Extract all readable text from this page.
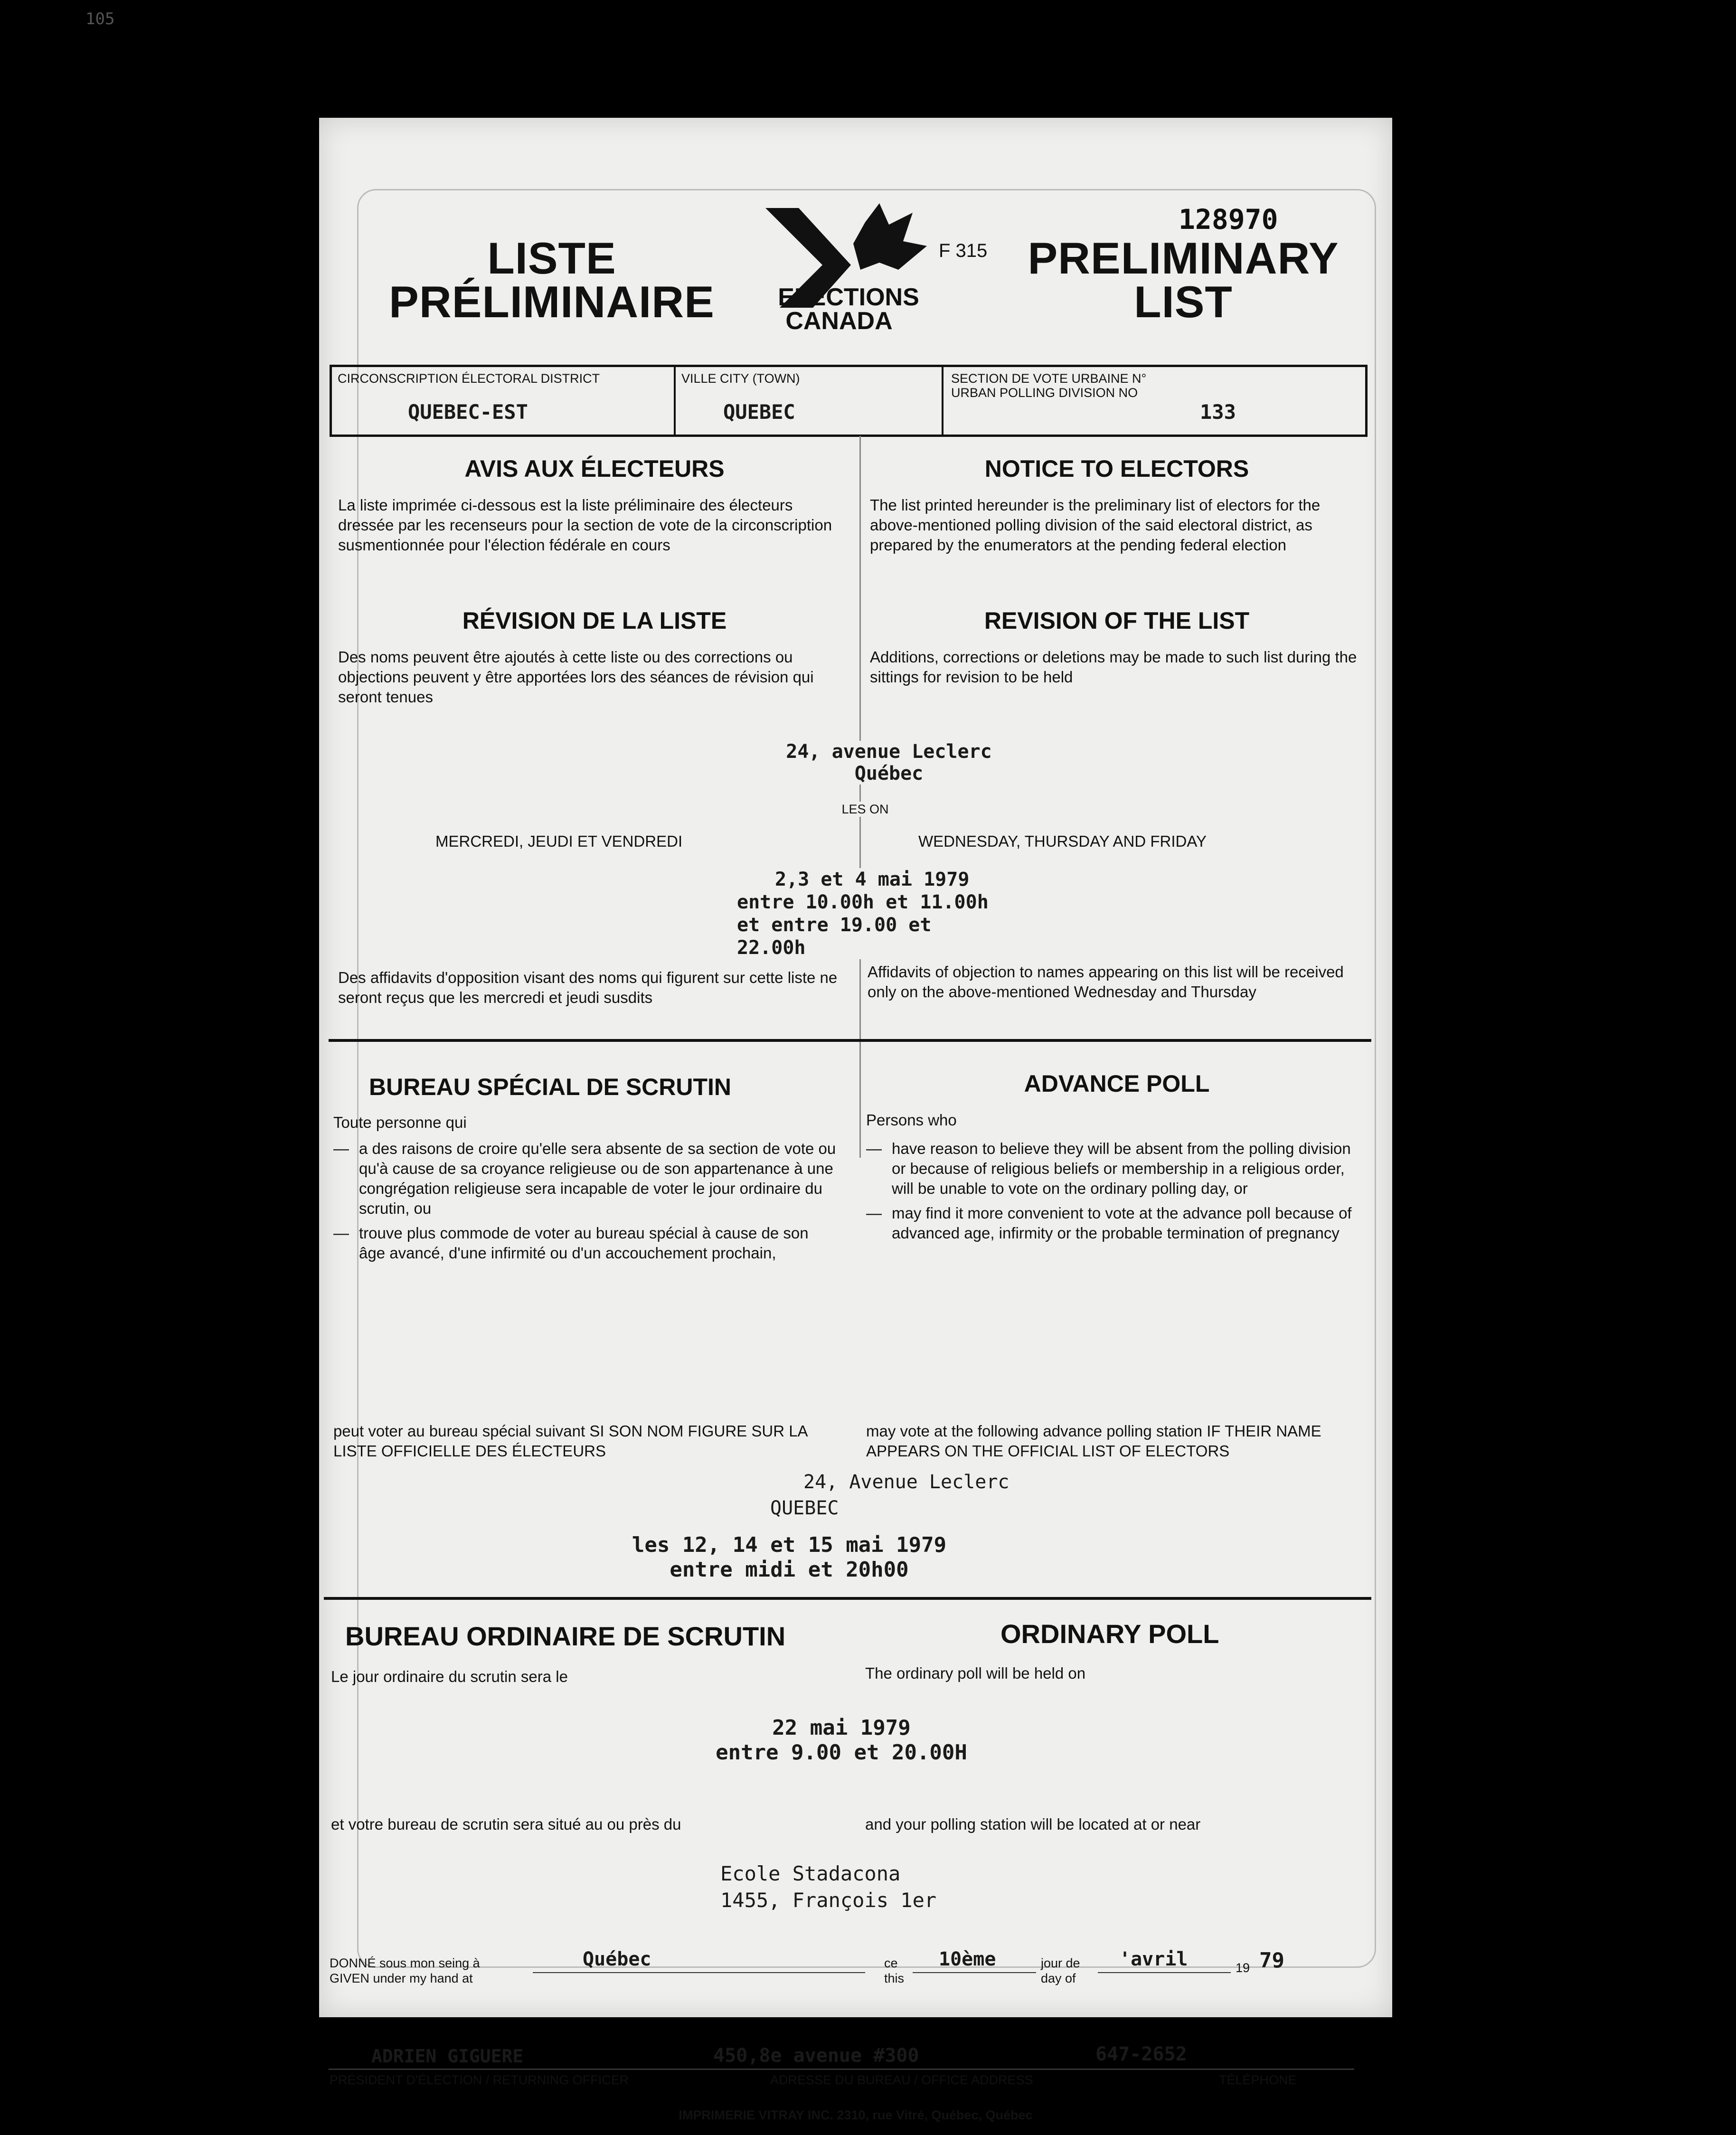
105
LISTE
PRÉLIMINAIRE	ELECTIONS
CANADA
F 315
128970
PRELIMINARY
LIST
CIRCONSCRIPTION ÉLECTORAL DISTRICT
QUEBEC-EST
VILLE CITY (TOWN)
QUEBEC
SECTION DE VOTE URBAINE N°
URBAN POLLING DIVISION NO
133
AVIS AUX ÉLECTEURS
La liste imprimée ci-dessous est la liste préliminaire des électeurs dressée par les recenseurs pour la section de vote de la circonscription susmentionnée pour l'élection fédérale en cours
NOTICE TO ELECTORS
The list printed hereunder is the preliminary list of electors for the above-mentioned polling division of the said electoral district, as prepared by the enumerators at the pending federal election
RÉVISION DE LA LISTE
Des noms peuvent être ajoutés à cette liste ou des corrections ou objections peuvent y être apportées lors des séances de révision qui seront tenues
REVISION OF THE LIST
Additions, corrections or deletions may be made to such list during the sittings for revision to be held
24, avenue Leclerc
Québec
LES ON
MERCREDI, JEUDI ET VENDREDI	WEDNESDAY, THURSDAY AND FRIDAY
2,3 et 4 mai 1979
entre 10.00h et 11.00h
et entre 19.00 et 22.00h
Des affidavits d'opposition visant des noms qui figurent sur cette liste ne seront reçus que les mercredi et jeudi susdits
Affidavits of objection to names appearing on this list will be received only on the above-mentioned Wednesday and Thursday
BUREAU SPÉCIAL DE SCRUTIN	ADVANCE POLL
Toute personne qui	Persons who
— a des raisons de croire qu'elle sera absente de sa section de vote ou qu'à cause de sa croyance religieuse ou de son appartenance à une congrégation religieuse sera incapable de voter le jour ordinaire du scrutin, ou
— trouve plus commode de voter au bureau spécial à cause de son âge avancé, d'une infirmité ou d'un accouchement prochain,
— have reason to believe they will be absent from the polling division or because of religious beliefs or membership in a religious order, will be unable to vote on the ordinary polling day, or
— may find it more convenient to vote at the advance poll because of advanced age, infirmity or the probable termination of pregnancy
peut voter au bureau spécial suivant SI SON NOM FIGURE SUR LA LISTE OFFICIELLE DES ÉLECTEURS
may vote at the following advance polling station IF THEIR NAME APPEARS ON THE OFFICIAL LIST OF ELECTORS
24, Avenue Leclerc
QUEBEC
les 12, 14 et 15 mai 1979
entre midi et 20h00
BUREAU ORDINAIRE DE SCRUTIN	ORDINARY POLL
Le jour ordinaire du scrutin sera le	The ordinary poll will be held on
22 mai 1979
entre 9.00 et 20.00H
et votre bureau de scrutin sera situé au ou près du	and your polling station will be located at or near
Ecole Stadacona
1455, François 1er
DONNÉ sous mon seing à
GIVEN under my hand at
Québec	ce
this
10ème	jour de
day of
'avril	19 79
ADRIEN GIGUERE	450,8e avenue #300	647-2652
PRÉSIDENT D'ÉLECTION / RETURNING OFFICER	ADRESSE DU BUREAU / OFFICE ADDRESS	TÉLÉPHONE
IMPRIMERIE VITRAY INC. 2310, rue Vitré, Québec, Québec
